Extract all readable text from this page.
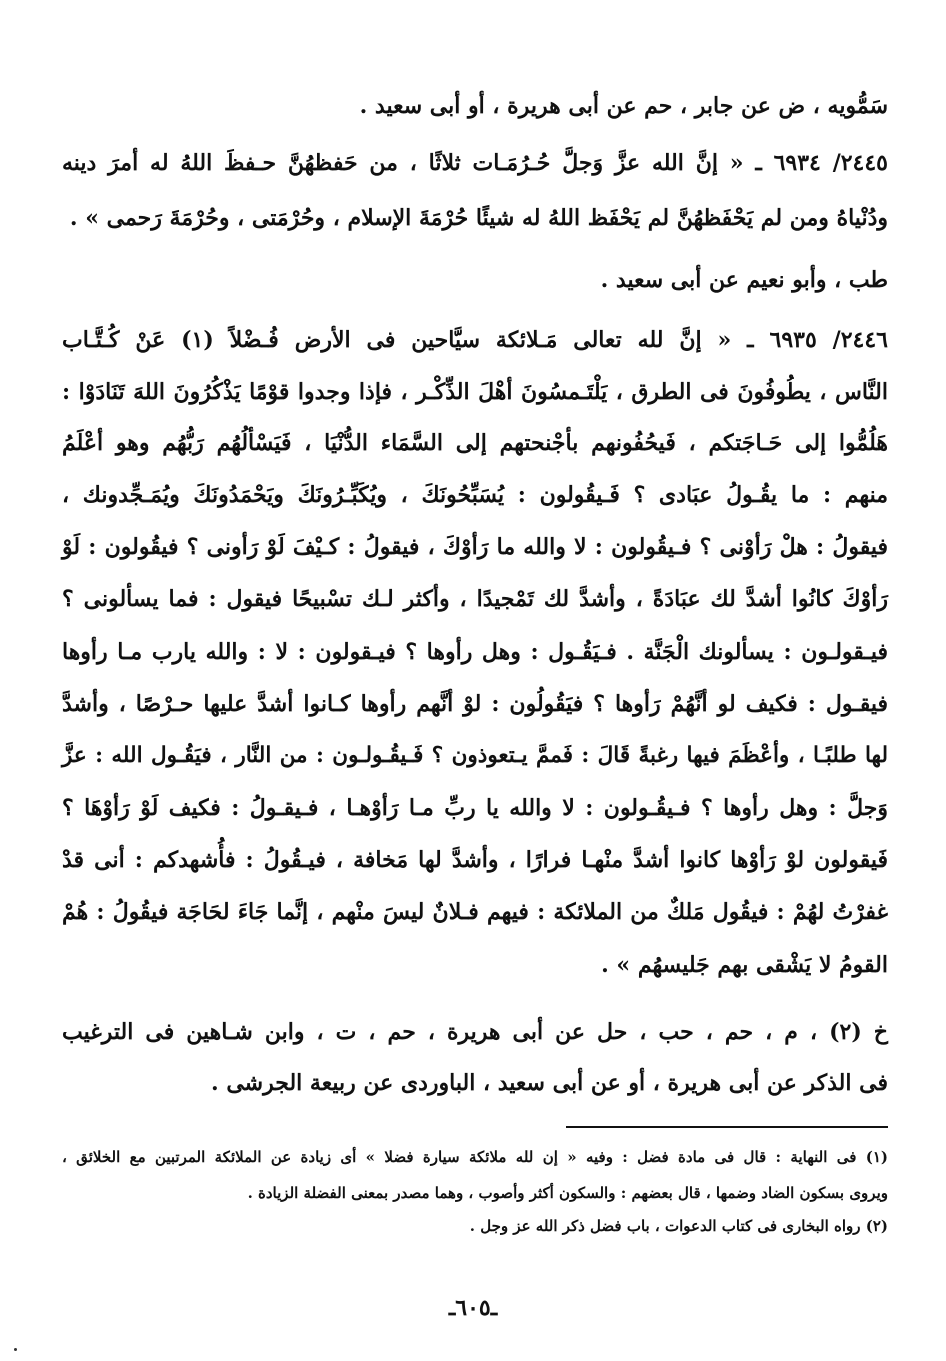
سَمُّويه ، ض عن جابر ، حم عن أبى هريرة ، أو أبى سعيد .
٢٤٤٥/ ٦٩٣٤ ـ « إنَّ الله عزَّ وَجلَّ حُـرُمَـات ثلاثًا ، من حَفظهُنَّ حـفظَ اللهُ له أمرَ دينه
ودُنْياهُ ومن لم يَحْفَظهُنَّ لم يَحْفَظ اللهُ له شيئًا حُرْمَةَ الإسلام ، وحُرْمَتى ، وحُرْمَةَ رَحمى » .
طب ، وأبو نعيم عن أبى سعيد .
٢٤٤٦/ ٦٩٣٥ ـ « إنَّ لله تعالى مَـلائكة سيَّاحين فى الأرض فُـضْلاً (١) عَنْ كُـتَّـاب
النَّاس ، يطُوفُونَ فى الطرق ، يَلْتَـمسُونَ أهْلَ الذِّكْـر ، فإذا وجدوا قوْمًا يَذْكُرُونَ اللهَ تَنَادَوْا :
هَلُمُّوا إلى حَـاجَتكم ، فَيحُفُونهم بأجْنحتهم إلى السَّمَاء الدُّنْيَا ، فَيَسْألُهُم رَبُّهُم وهو أعْلَمُ
منهم : ما يقُـولُ عبَادى ؟ فَـيقُولون : يُسَبِّحُونَكَ ، ويُكَبِّـرُونَكَ ويَحْمَدُونَكَ ويُمَـجِّدونك ،
فيقولُ : هلْ رَأوْنى ؟ فـيقُولون : لا والله ما رَأوْكَ ، فيقولُ : كـيْفَ لَوْ رَأونى ؟ فيقُولون : لَوْ
رَأوْكَ كانُوا أشدَّ لك عبَادَةً ، وأشدَّ لك تَمْجيدًا ، وأكثر لـك تسْبيحًا فيقول : فما يسألونى ؟
فيـقولـون : يسألونك الْجَنَّة . فـيَقُـول : وهل رأوها ؟ فيـقولون : لا : والله يارب مـا رأوها
فيقـول : فكيف لو أنَّهُمْ رَأوها ؟ فيَقُولُون : لوْ أنَّهم رأوها كـانوا أشدَّ عليها حـرْصًا ، وأشدَّ
لها طلبًـا ، وأعْظَمَ فيها رغبةً قَالَ : فَممَّ يـتعوذون ؟ فَـيقُـولـون : من النَّار ، فيَقُـول الله : عزَّ
وَجلَّ : وهل رأوها ؟ فـيقُـولون : لا والله يا ربِّ مـا رَأوْهـا ، فـيقـولُ : فكيف لَوْ رَأوْهَا ؟
فَيقولون لوْ رَأوْها كانوا أشدَّ منْهـا فرارًا ، وأشدَّ لها مَخافة ، فيـقُولُ : فأُشهدكم : أنى قدْ
غفرْتُ لهُمْ : فيقُول مَلكٌ من الملائكة : فيهم فـلانٌ ليسَ منْهم ، إنَّما جَاءَ لحَاجَة فيقُولُ : هُمْ
القومُ لا يَشْقى بهم جَليسهُم » .
خ (٢) ، م ، حم ، حب ، حل عن أبى هريرة ، حم ، ت ، وابن شـاهين فى الترغيب
فى الذكر عن أبى هريرة ، أو عن أبى سعيد ، الباوردى عن ربيعة الجرشى .
(١) فى النهاية : قال فى مادة فضل : وفيه « إن لله ملائكة سيارة فضلا » أى زيادة عن الملائكة المرتبين مع الخلائق ،
ويروى بسكون الضاد وضمها ، قال بعضهم : والسكون أكثر وأصوب ، وهما مصدر بمعنى الفضلة الزيادة .
(٢) رواه البخارى فى كتاب الدعوات ، باب فضل ذكر الله عز وجل .
ـ٦٠٥ـ
